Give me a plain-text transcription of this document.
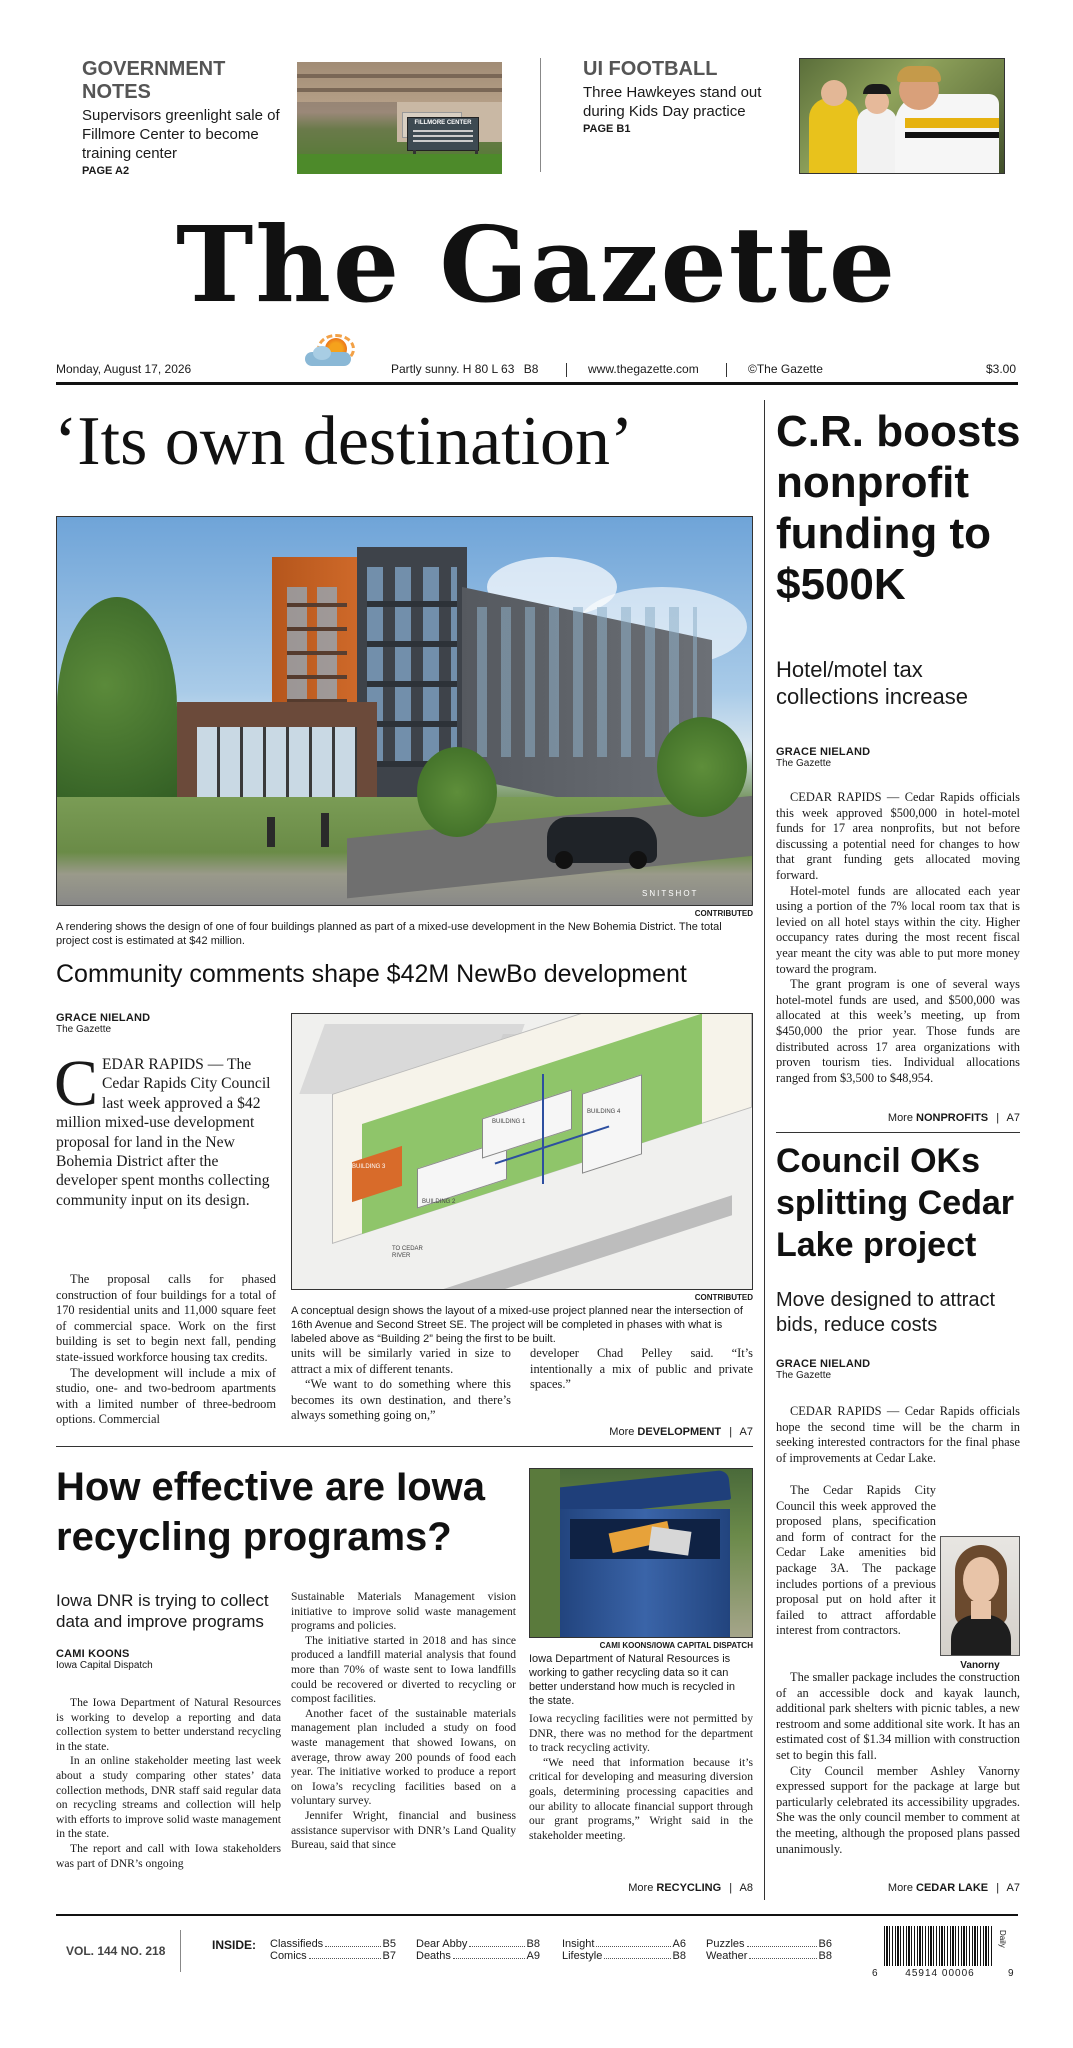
GOVERNMENT NOTES
Supervisors greenlight sale of Fillmore Center to become training center
PAGE A2
FILLMORE CENTER
UI FOOTBALL
Three Hawkeyes stand out during Kids Day practice
PAGE B1
The Gazette
Monday, August 17, 2026	Partly sunny. H 80 L 63 B8	www.thegazette.com	©The Gazette	$3.00
‘Its own destination’
SNITSHOT
CONTRIBUTED
A rendering shows the design of one of four buildings planned as part of a mixed-use development in the New Bohemia District. The total project cost is estimated at $42 million.
Community comments shape $42M NewBo development
GRACE NIELAND
The Gazette
C EDAR RAPIDS — The Cedar Rapids City Council last week approved a $42 million mixed-use development proposal for land in the New Bohemia District after the developer spent months collecting community input on its design.

The proposal calls for phased construction of four buildings for a total of 170 residential units and 11,000 square feet of commercial space. Work on the first building is set to begin next fall, pending state-issued workforce housing tax credits.

The development will include a mix of studio, one- and two-bedroom apartments with a limited number of three-bedroom options. Commercial

BUILDING 1
BUILDING 2
BUILDING 3
BUILDING 4
TO CEDAR RIVER
CONTRIBUTED
A conceptual design shows the layout of a mixed-use project planned near the intersection of 16th Avenue and Second Street SE. The project will be completed in phases with what is labeled above as “Building 2” being the first to be built.

units will be similarly varied in size to attract a mix of different tenants.

“We want to do something where this becomes its own destination, and there’s always something going on,”

developer Chad Pelley said. “It’s intentionally a mix of public and private spaces.”

More DEVELOPMENT | A7
C.R. boosts nonprofit funding to $500K
Hotel/motel tax collections increase
GRACE NIELAND
The Gazette

CEDAR RAPIDS — Cedar Rapids officials this week approved $500,000 in hotel-motel funds for 17 area nonprofits, but not before discussing a potential need for changes to how that grant funding gets allocated moving forward.

Hotel-motel funds are allocated each year using a portion of the 7% local room tax that is levied on all hotel stays within the city. Higher occupancy rates during the most recent fiscal year meant the city was able to put more money toward the program.

The grant program is one of several ways hotel-motel funds are used, and $500,000 was allocated at this week’s meeting, up from $450,000 the prior year. Those funds are distributed across 17 area organizations with proven tourism ties. Individual allocations ranged from $3,500 to $48,954.

More NONPROFITS | A7
Council OKs splitting Cedar Lake project
Move designed to attract bids, reduce costs
GRACE NIELAND
The Gazette

CEDAR RAPIDS — Cedar Rapids officials hope the second time will be the charm in seeking interested contractors for the final phase of improvements at Cedar Lake.

The Cedar Rapids City Council this week approved the proposed plans, specification and form of contract for the Cedar Lake amenities bid package 3A. The package includes portions of a previous proposal put on hold after it failed to attract affordable interest from contractors.

Vanorny

The smaller package includes the construction of an accessible dock and kayak launch, additional park shelters with picnic tables, a new restroom and some additional site work. It has an estimated cost of $1.34 million with construction set to begin this fall.

City Council member Ashley Vanorny expressed support for the package at large but particularly celebrated its accessibility upgrades. She was the only council member to comment at the meeting, although the proposed plans passed unanimously.

More CEDAR LAKE | A7
How effective are Iowa recycling programs?
Iowa DNR is trying to collect data and improve programs
CAMI KOONS
Iowa Capital Dispatch

The Iowa Department of Natural Resources is working to develop a reporting and data collection system to better understand recycling in the state.

In an online stakeholder meeting last week about a study comparing other states’ data collection methods, DNR staff said regular data on recycling streams and collection will help with efforts to improve solid waste management in the state.

The report and call with Iowa stakeholders was part of DNR’s ongoing

Sustainable Materials Management vision initiative to improve solid waste management programs and policies.

The initiative started in 2018 and has since produced a landfill material analysis that found more than 70% of waste sent to Iowa landfills could be recovered or diverted to recycling or compost facilities.

Another facet of the sustainable materials management plan included a study on food waste management that showed Iowans, on average, throw away 200 pounds of food each year. The initiative worked to produce a report on Iowa’s recycling facilities based on a voluntary survey.

Jennifer Wright, financial and business assistance supervisor with DNR’s Land Quality Bureau, said that since

CAMI KOONS/IOWA CAPITAL DISPATCH
Iowa Department of Natural Resources is working to gather recycling data so it can better understand how much is recycled in the state.

Iowa recycling facilities were not permitted by DNR, there was no method for the department to track recycling activity.

“We need that information because it’s critical for developing and measuring diversion goals, determining processing capacities and our ability to allocate financial support through our grant programs,” Wright said in the stakeholder meeting.

More RECYCLING | A8
VOL. 144 NO. 218	INSIDE: Classifieds	B5
Comics	B7
Dear Abby	B8
Deaths	A9
Insight	A6
Lifestyle	B8
Puzzles	B6
Weather	B8
6	45914 00006	9
Daily
